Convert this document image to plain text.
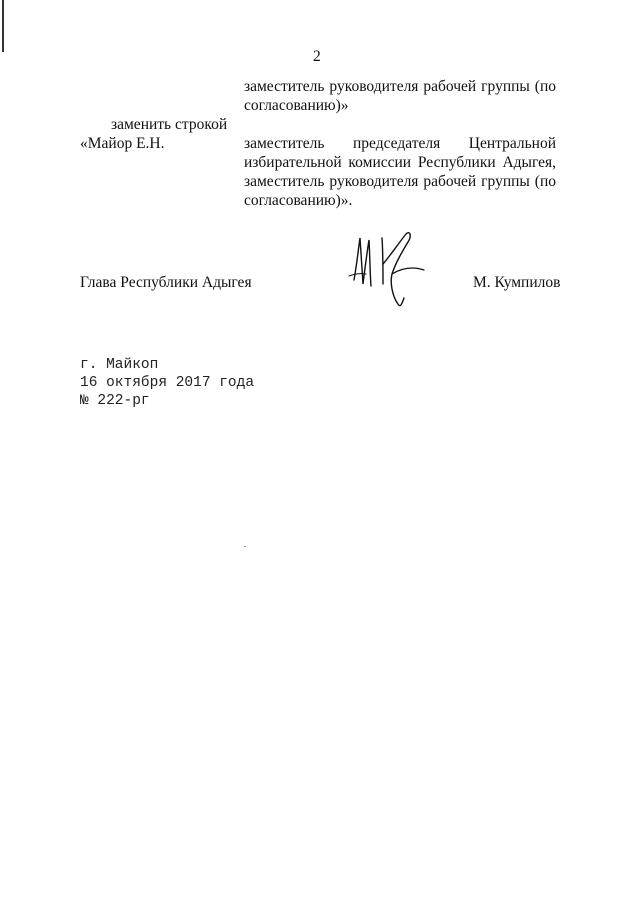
2
заместитель руководителя рабочей группы (по
согласованию)»
заменить строкой
«Майор Е.Н.	заместитель председателя Центральной
избирательной комиссии Республики Адыгея,
заместитель руководителя рабочей группы (по
согласованию)».
Глава Республики Адыгея	М. Кумпилов
г. Майкоп
16 октября 2017 года
№ 222-рг
